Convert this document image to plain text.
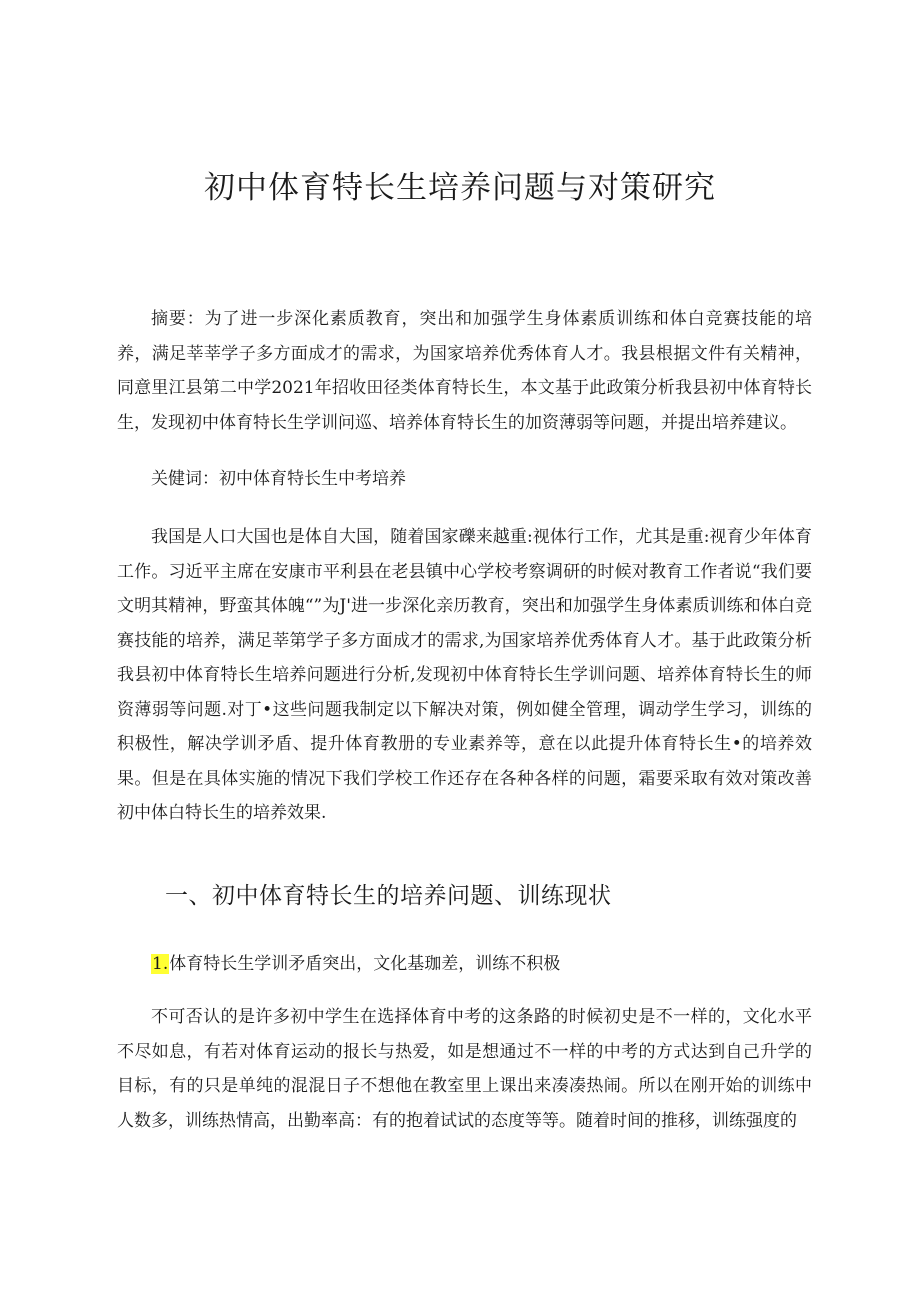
初中体育特长生培养问题与对策研究

摘要：为了进一步深化素质教育，突出和加强学生身体素质训练和体白竞赛技能的培养，满足莘莘学子多方面成才的需求，为国家培养优秀体育人才。我县根据文件有关精神，同意里江县第二中学2021年招收田径类体育特长生，本文基于此政策分析我县初中体育特长生，发现初中体育特长生学训问巡、培养体育特长生的加资薄弱等问题，并提出培养建议。

关健词：初中体育特长生中考培养

我国是人口大国也是体自大国，随着国家礫来越重:视体行工作，尤其是重:视育少年体育工作。习近平主席在安康市平利县在老县镇中心学校考察调研的时候对教育工作者说“我们要文明其精神，野蛮其体魄“”为J'进一步深化亲历教育，突出和加强学生身体素质训练和体白竞赛技能的培养，满足莘第学子多方面成才的需求,为国家培养优秀体育人才。基于此政策分析我县初中体育特长生培养问题进行分析,发现初中体育特长生学训问题、培养体育特长生的师资薄弱等问题.对丁•这些问题我制定以下解决对策，例如健全管理，调动学生学习，训练的积极性，解决学训矛盾、提升体育教册的专业素养等，意在以此提升体育特长生•的培养效果。但是在具体实施的情况下我们学校工作还存在各种各样的问题，霜要采取有效对策改善初中体白特长生的培养效果.

一、初中体育特长生的培养问题、训练现状
1.体育特长生学训矛盾突出，文化基珈差，训练不积极

不可否认的是许多初中学生在选择体育中考的这条路的时候初史是不一样的，文化水平不尽如息，有若对体育运动的报长与热爱，如是想通过不一样的中考的方式达到自己升学的目标，有的只是单纯的混混日子不想他在教室里上课出来凑凑热闹。所以在刚开始的训练中人数多，训练热情高，出勤率高：有的抱着试试的态度等等。随着时间的推移，训练强度的
